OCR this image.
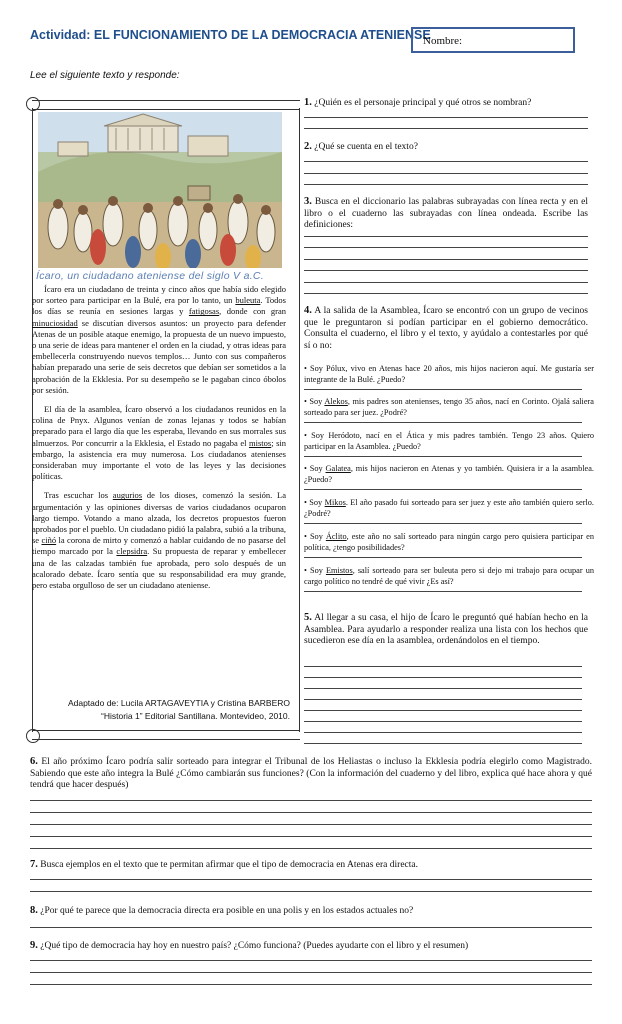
Actividad: EL FUNCIONAMIENTO DE LA DEMOCRACIA ATENIENSE
Nombre:
Lee el siguiente texto y responde:
Ícaro, un ciudadano ateniense del siglo V a.C.

Ícaro era un ciudadano de treinta y cinco años que había sido elegido por sorteo para participar en la Bulé, era por lo tanto, un buleuta. Todos los días se reunía en sesiones largas y fatigosas, donde con gran minuciosidad se discutían diversos asuntos: un proyecto para defender Atenas de un posible ataque enemigo, la propuesta de un nuevo impuesto, o una serie de ideas para mantener el orden en la ciudad, y otras ideas para embellecerla construyendo nuevos templos… Junto con sus compañeros habían preparado una serie de seis decretos que debían ser sometidos a la aprobación de la Ekklesia. Por su desempeño se le pagaban cinco óbolos por sesión.

El día de la asamblea, Ícaro observó a los ciudadanos reunidos en la colina de Pnyx. Algunos venían de zonas lejanas y todos se habían preparado para el largo día que les esperaba, llevando en sus morrales sus almuerzos. Por concurrir a la Ekklesia, el Estado no pagaba el mistos; sin embargo, la asistencia era muy numerosa. Los ciudadanos atenienses consideraban muy importante el voto de las leyes y las decisiones políticas.

Tras escuchar los augurios de los dioses, comenzó la sesión. La argumentación y las opiniones diversas de varios ciudadanos ocuparon largo tiempo. Votando a mano alzada, los decretos propuestos fueron aprobados por el pueblo. Un ciudadano pidió la palabra, subió a la tribuna, se ciñó la corona de mirto y comenzó a hablar cuidando de no pasarse del tiempo marcado por la clepsidra. Su propuesta de reparar y embellecer una de las calzadas también fue aprobada, pero solo después de un acalorado debate. Ícaro sentía que su responsabilidad era muy grande, pero estaba orgulloso de ser un ciudadano ateniense.

Adaptado de: Lucila ARTAGAVEYTIA y Cristina BARBERO
“Historia 1” Editorial Santillana. Montevideo, 2010.
1. ¿Quién es el personaje principal y qué otros se nombran?
2. ¿Qué se cuenta en el texto?
3. Busca en el diccionario las palabras subrayadas con línea recta y en el libro o el cuaderno las subrayadas con línea ondeada. Escribe las definiciones:
4. A la salida de la Asamblea, Ícaro se encontró con un grupo de vecinos que le preguntaron si podían participar en el gobierno democrático. Consulta el cuaderno, el libro y el texto, y ayúdalo a contestarles por qué sí o no:
• Soy Pólux, vivo en Atenas hace 20 años, mis hijos nacieron aquí. Me gustaría ser integrante de la Bulé. ¿Puedo?
• Soy Alekos, mis padres son atenienses, tengo 35 años, nací en Corinto. Ojalá saliera sorteado para ser juez. ¿Podré?
• Soy Heródoto, nací en el Ática y mis padres también. Tengo 23 años. Quiero participar en la Asamblea. ¿Puedo?
• Soy Galatea, mis hijos nacieron en Atenas y yo también. Quisiera ir a la asamblea. ¿Puedo?
• Soy Mikos. El año pasado fui sorteado para ser juez y este año también quiero serlo. ¿Podré?
• Soy Áclito, este año no salí sorteado para ningún cargo pero quisiera participar en política, ¿tengo posibilidades?
• Soy Emistos, salí sorteado para ser buleuta pero si dejo mi trabajo para ocupar un cargo político no tendré de qué vivir ¿Es así?
5. Al llegar a su casa, el hijo de Ícaro le preguntó qué habían hecho en la Asamblea. Para ayudarlo a responder realiza una lista con los hechos que sucedieron ese día en la asamblea, ordenándolos en el tiempo.
6. El año próximo Ícaro podría salir sorteado para integrar el Tribunal de los Heliastas o incluso la Ekklesia podría elegirlo como Magistrado. Sabiendo que este año integra la Bulé ¿Cómo cambiarán sus funciones? (Con la información del cuaderno y del libro, explica qué hace ahora y qué tendrá que hacer después)
7. Busca ejemplos en el texto que te permitan afirmar que el tipo de democracia en Atenas era directa.
8. ¿Por qué te parece que la democracia directa era posible en una polis y en los estados actuales no?
9. ¿Qué tipo de democracia hay hoy en nuestro país? ¿Cómo funciona? (Puedes ayudarte con el libro y el resumen)
